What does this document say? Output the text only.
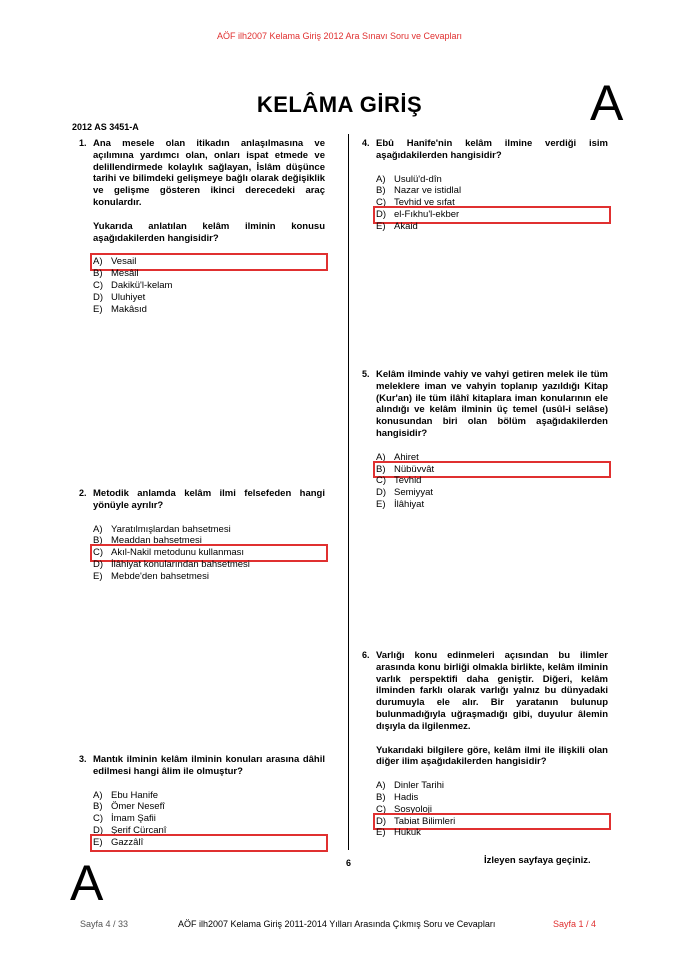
AÖF ilh2007 Kelama Giriş 2012 Ara Sınavı Soru ve Cevapları
KELÂMA GİRİŞ	A
2012 AS 3451-A
1. Ana mesele olan itikadın anlaşılmasına ve açılımına yardımcı olan, onları ispat etmede ve delillendirmede kolaylık sağlayan, İslâm düşünce tarihi ve bilimdeki gelişmeye bağlı olarak değişiklik ve gelişme gösteren ikinci derecedeki araç konulardır.
Yukarıda anlatılan kelâm ilminin konusu aşağıdakilerden hangisidir?
A) Vesail
B) Mesâil
C) Dakikü'l-kelam
D) Uluhiyet
E) Makâsıd
2. Metodik anlamda kelâm ilmi felsefeden hangi yönüyle ayrılır?
A) Yaratılmışlardan bahsetmesi
B) Meaddan bahsetmesi
C) Akıl-Nakil metodunu kullanması
D) İlâhiyat konularından bahsetmesi
E) Mebde'den bahsetmesi
3. Mantık ilminin kelâm ilminin konuları arasına dâhil edilmesi hangi âlim ile olmuştur?
A) Ebu Hanife
B) Ömer Nesefî
C) İmam Şafii
D) Şerif Cürcanî
E) Gazzâlî
4. Ebû Hanîfe'nin kelâm ilmine verdiği isim aşağıdakilerden hangisidir?
A) Usulü'd-dîn
B) Nazar ve istidlal
C) Tevhid ve sıfat
D) el-Fıkhu'l-ekber
E) Akaid
5. Kelâm ilminde vahiy ve vahyi getiren melek ile tüm meleklere iman ve vahyin toplanıp yazıldığı Kitap (Kur'an) ile tüm ilâhî kitaplara iman konularının ele alındığı ve kelâm ilminin üç temel (usûl-i selâse) konusundan biri olan bölüm aşağıdakilerden hangisidir?
A) Ahiret
B) Nübüvvât
C) Tevhid
D) Semiyyat
E) İlâhiyat
6. Varlığı konu edinmeleri açısından bu ilimler arasında konu birliği olmakla birlikte, kelâm ilminin varlık perspektifi daha geniştir. Diğeri, kelâm ilminden farklı olarak varlığı yalnız bu dünyadaki durumuyla ele alır. Bir yaratanın bulunup bulunmadığıyla uğraşmadığı gibi, duyulur âlemin dışıyla da ilgilenmez.
Yukarıdaki bilgilere göre, kelâm ilmi ile ilişkili olan diğer ilim aşağıdakilerden hangisidir?
A) Dinler Tarihi
B) Hadis
C) Sosyoloji
D) Tabiat Bilimleri
E) Hukuk
6	İzleyen sayfaya geçiniz.
A
Sayfa 4 / 33	AÖF ilh2007 Kelama Giriş 2011-2014 Yılları Arasında Çıkmış Soru ve Cevapları	Sayfa 1 / 4
